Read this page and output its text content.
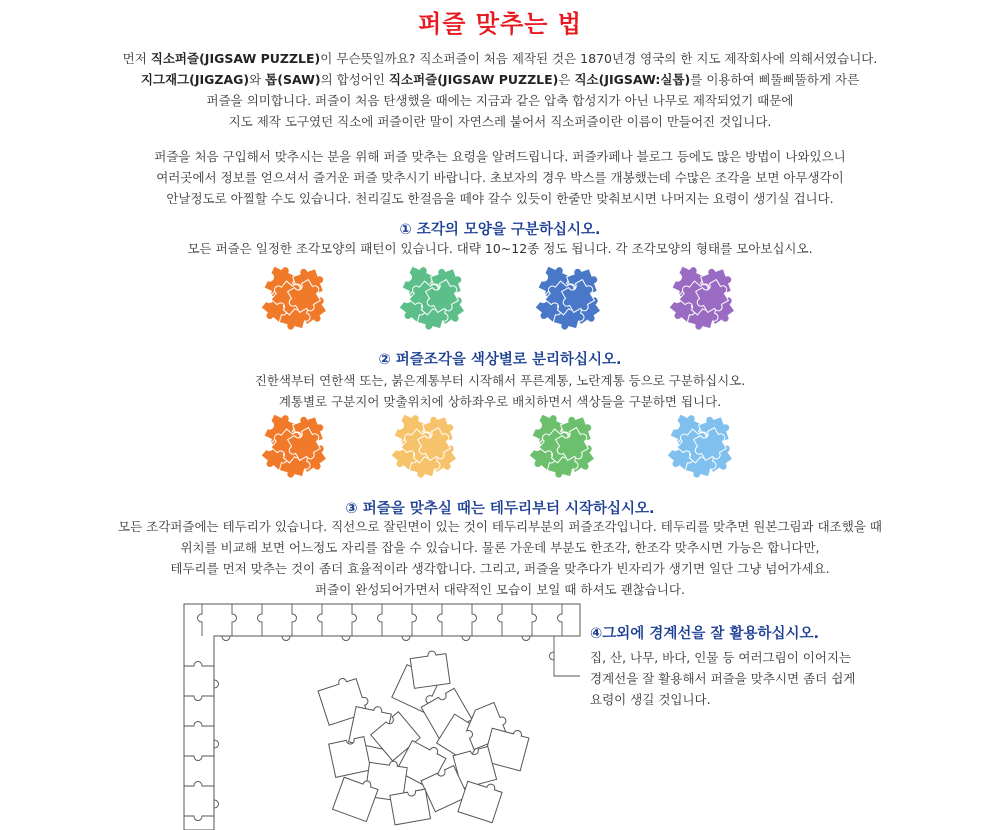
퍼즐 맞추는 법
먼저 직소퍼즐(JIGSAW PUZZLE)이 무슨뜻일까요? 직소퍼즐이 처음 제작된 것은 1870년경 영국의 한 지도 제작회사에 의해서였습니다.
지그재그(JIGZAG)와 톱(SAW)의 합성어인 직소퍼즐(JIGSAW PUZZLE)은 직소(JIGSAW:실톱)를 이용하여 삐뚤삐뚤하게 자른
퍼즐을 의미합니다. 퍼즐이 처음 탄생했을 때에는 지금과 같은 압축 합성지가 아닌 나무로 제작되었기 때문에
지도 제작 도구였던 직소에 퍼즐이란 말이 자연스레 붙어서 직소퍼즐이란 이름이 만들어진 것입니다.
퍼즐을 처음 구입해서 맞추시는 분을 위해 퍼즐 맞추는 요령을 알려드립니다. 퍼즐카페나 블로그 등에도 많은 방법이 나와있으니
여러곳에서 정보를 얻으셔서 즐거운 퍼즐 맞추시기 바랍니다. 초보자의 경우 박스를 개봉했는데 수많은 조각을 보면 아무생각이
안날정도로 아찔할 수도 있습니다. 천리길도 한걸음을 떼야 갈수 있듯이 한줄만 맞춰보시면 나머지는 요령이 생기실 겁니다.
① 조각의 모양을 구분하십시오.
모든 퍼즐은 일정한 조각모양의 패턴이 있습니다. 대략 10~12종 정도 됩니다. 각 조각모양의 형태를 모아보십시오.
② 퍼즐조각을 색상별로 분리하십시오.
진한색부터 연한색 또는, 붉은계통부터 시작해서 푸른계통, 노란계통 등으로 구분하십시오.
계통별로 구분지어 맞출위치에 상하좌우로 배치하면서 색상들을 구분하면 됩니다.
③ 퍼즐을 맞추실 때는 테두리부터 시작하십시오.
모든 조각퍼즐에는 테두리가 있습니다. 직선으로 잘린면이 있는 것이 테두리부분의 퍼즐조각입니다. 테두리를 맞추면 원본그림과 대조했을 때
위치를 비교해 보면 어느정도 자리를 잡을 수 있습니다. 물론 가운데 부분도 한조각, 한조각 맞추시면 가능은 합니다만,
테두리를 먼저 맞추는 것이 좀더 효율적이라 생각합니다. 그리고, 퍼즐을 맞추다가 빈자리가 생기면 일단 그냥 넘어가세요.
퍼즐이 완성되어가면서 대략적인 모습이 보일 때 하셔도 괜찮습니다.
④그외에 경계선을 잘 활용하십시오.
집, 산, 나무, 바다, 인물 등 여러그림이 이어지는
경계선을 잘 활용해서 퍼즐을 맞추시면 좀더 쉽게
요령이 생길 것입니다.
